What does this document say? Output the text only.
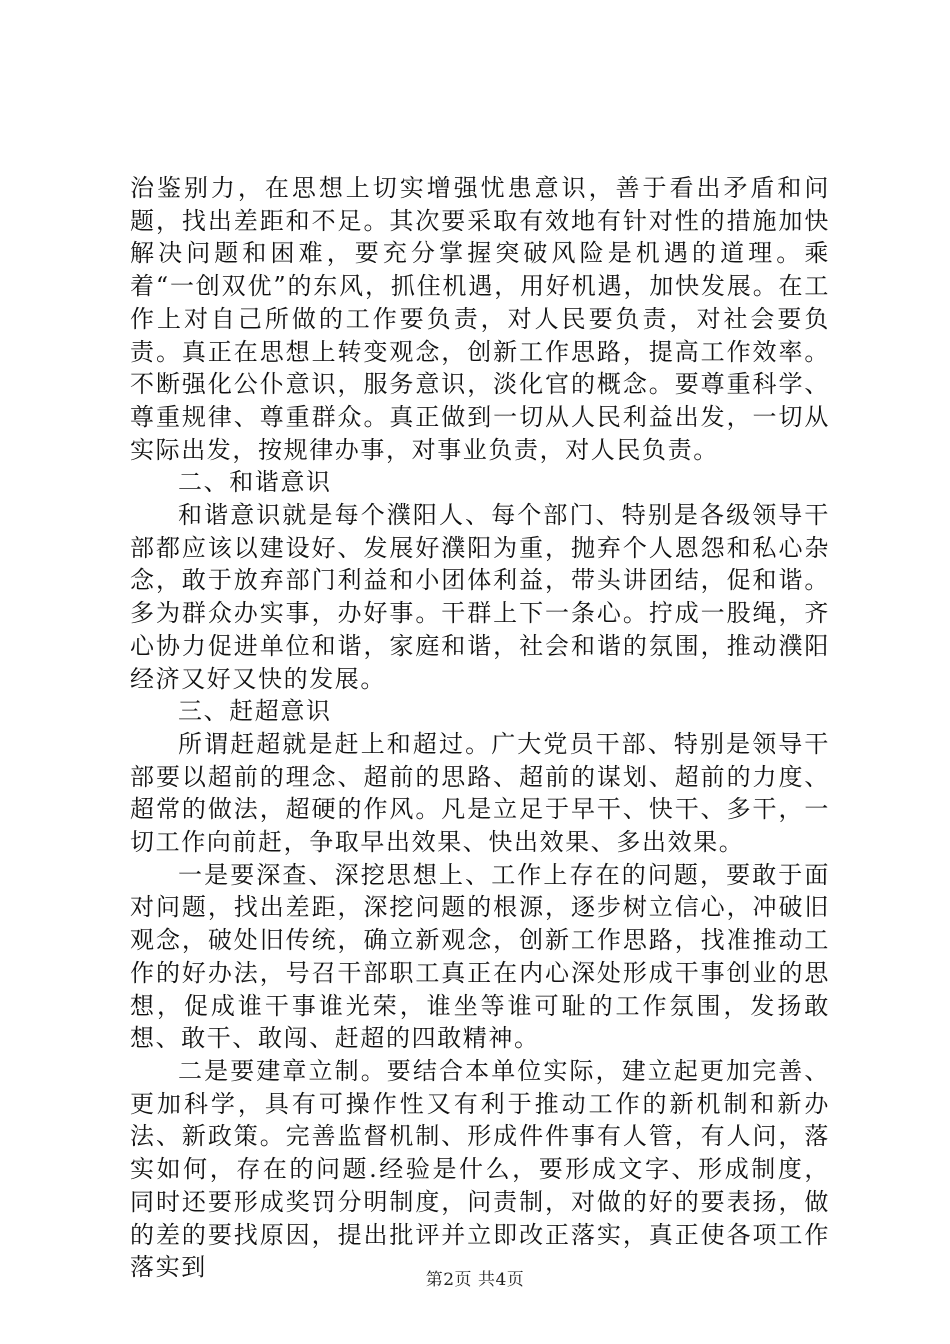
治鉴别力，在思想上切实增强忧患意识，善于看出矛盾和问题，找出差距和不足。其次要采取有效地有针对性的措施加快解决问题和困难，要充分掌握突破风险是机遇的道理。乘着“一创双优”的东风，抓住机遇，用好机遇，加快发展。在工作上对自己所做的工作要负责，对人民要负责，对社会要负责。真正在思想上转变观念，创新工作思路，提高工作效率。不断强化公仆意识，服务意识，淡化官的概念。要尊重科学、尊重规律、尊重群众。真正做到一切从人民利益出发，一切从实际出发，按规律办事，对事业负责，对人民负责。

二、和谐意识

和谐意识就是每个濮阳人、每个部门、特别是各级领导干部都应该以建设好、发展好濮阳为重，抛弃个人恩怨和私心杂念，敢于放弃部门利益和小团体利益，带头讲团结，促和谐。多为群众办实事，办好事。干群上下一条心。拧成一股绳，齐心协力促进单位和谐，家庭和谐，社会和谐的氛围，推动濮阳经济又好又快的发展。

三、赶超意识

所谓赶超就是赶上和超过。广大党员干部、特别是领导干部要以超前的理念、超前的思路、超前的谋划、超前的力度、超常的做法，超硬的作风。凡是立足于早干、快干、多干，一切工作向前赶，争取早出效果、快出效果、多出效果。

一是要深查、深挖思想上、工作上存在的问题，要敢于面对问题，找出差距，深挖问题的根源，逐步树立信心，冲破旧观念，破处旧传统，确立新观念，创新工作思路，找准推动工作的好办法，号召干部职工真正在内心深处形成干事创业的思想，促成谁干事谁光荣，谁坐等谁可耻的工作氛围，发扬敢想、敢干、敢闯、赶超的四敢精神。

二是要建章立制。要结合本单位实际，建立起更加完善、更加科学，具有可操作性又有利于推动工作的新机制和新办法、新政策。完善监督机制、形成件件事有人管，有人问，落实如何，存在的问题.经验是什么，要形成文字、形成制度，同时还要形成奖罚分明制度，问责制，对做的好的要表扬，做的差的要找原因，提出批评并立即改正落实，真正使各项工作落实到	第2页 共4页
